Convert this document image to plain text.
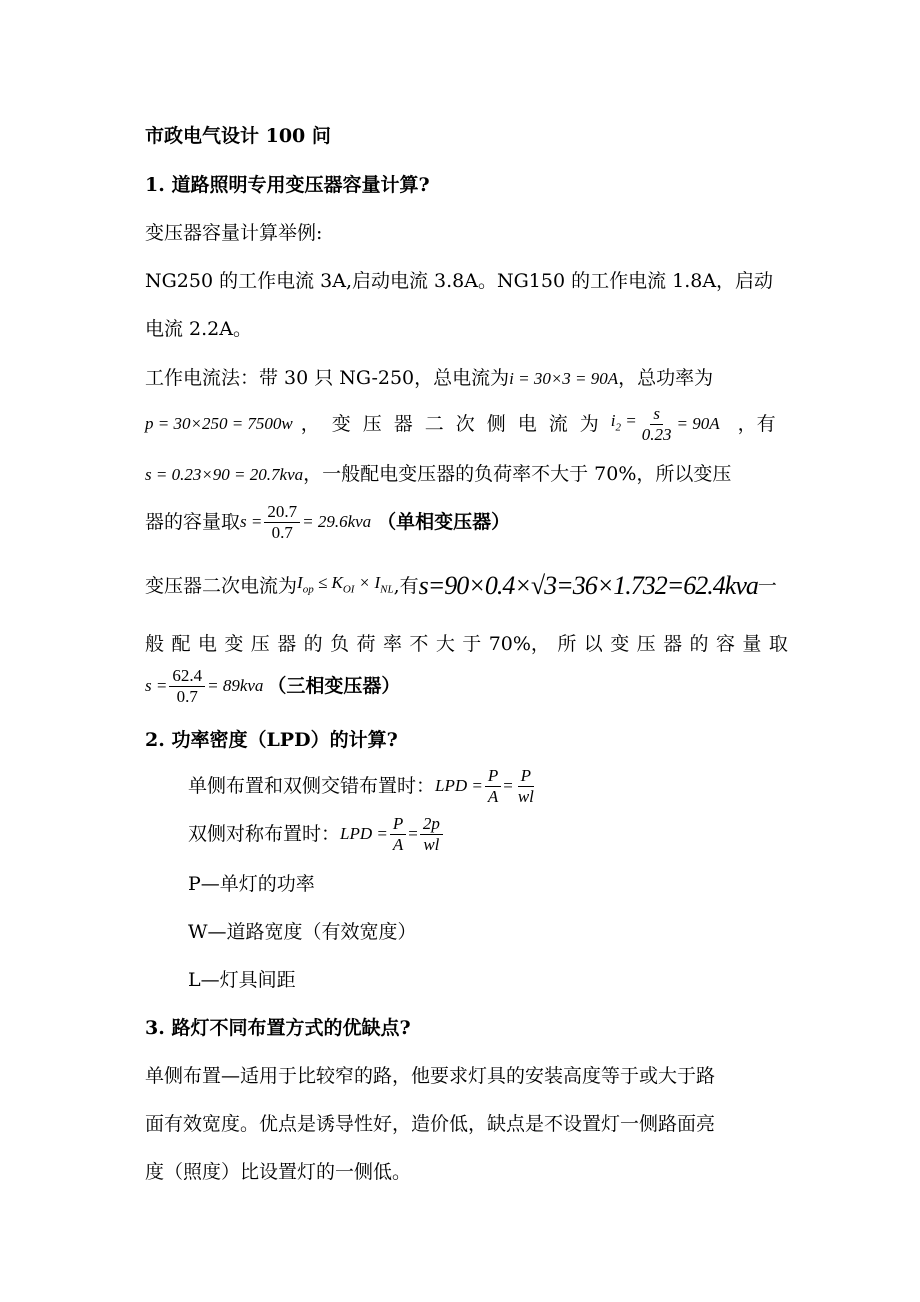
市政电气设计 100 问
1. 道路照明专用变压器容量计算?
变压器容量计算举例:
NG250 的工作电流 3A,启动电流 3.8A。NG150 的工作电流 1.8A，启动
电流 2.2A。
工作电流法：带 30 只 NG-250，总电流为i = 30×3 = 90A，总功率为
p = 30×250 = 7500w ，变压器二次侧电流为 $i_2 = \frac{s}{0.23} = 90A$ ，有
s = 0.23×90 = 20.7kva，一般配电变压器的负荷率不大于 70%，所以变压
器的容量取 $s = \frac{20.7}{0.7} = 29.6kva$ （单相变压器）
变压器二次电流为 $I_{op} \le K_{OI} \times I_{NL}$ ,有 s=90×0.4×√3=36×1.732=62.4kva 一
般 配 电 变 压 器 的 负 荷 率 不 大 于 70%， 所 以 变 压 器 的 容 量 取
$s = \frac{62.4}{0.7} = 89kva$ （三相变压器）
2. 功率密度（LPD）的计算?
单侧布置和双侧交错布置时： LPD = $\frac{P}{A} = \frac{P}{wl}$
双侧对称布置时： LPD = $\frac{P}{A} = \frac{2p}{wl}$
P—单灯的功率
W—道路宽度（有效宽度）
L—灯具间距
3. 路灯不同布置方式的优缺点?
单侧布置—适用于比较窄的路，他要求灯具的安装高度等于或大于路
面有效宽度。优点是诱导性好，造价低，缺点是不设置灯一侧路面亮
度（照度）比设置灯的一侧低。
